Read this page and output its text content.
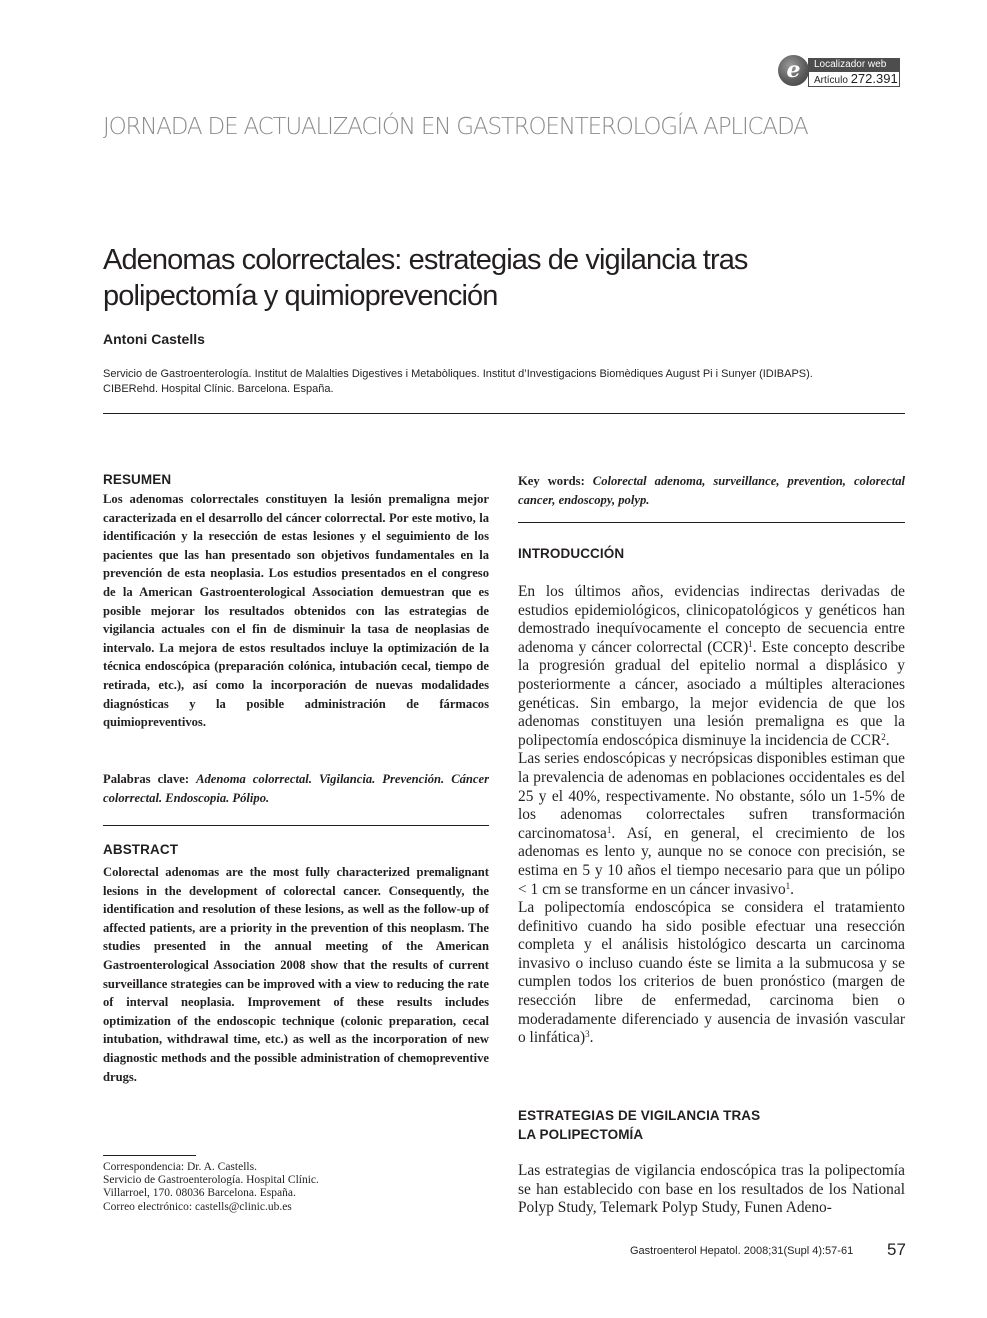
e	Localizador web
Artículo 272.391
JORNADA DE ACTUALIZACIÓN EN GASTROENTEROLOGÍA APLICADA
Adenomas colorrectales: estrategias de vigilancia tras
polipectomía y quimioprevención
Antoni Castells
Servicio de Gastroenterología. Institut de Malalties Digestives i Metabòliques. Institut d’Investigacions Biomèdiques August Pi i Sunyer (IDIBAPS).
CIBERehd. Hospital Clínic. Barcelona. España.
RESUMEN
Los adenomas colorrectales constituyen la lesión premaligna mejor caracterizada en el desarrollo del cáncer colorrectal. Por este motivo, la identificación y la resección de estas lesiones y el seguimiento de los pacientes que las han presentado son objetivos fundamentales en la prevención de esta neoplasia. Los estudios presentados en el congreso de la American Gastroenterological Association demuestran que es posible mejorar los resultados obtenidos con las estrategias de vigilancia actuales con el fin de disminuir la tasa de neoplasias de intervalo. La mejora de estos resultados incluye la optimización de la técnica endoscópica (preparación colónica, intubación cecal, tiempo de retirada, etc.), así como la incorporación de nuevas modalidades diagnósticas y la posible administración de fármacos quimiopreventivos.
Palabras clave: Adenoma colorrectal. Vigilancia. Prevención. Cáncer colorrectal. Endoscopia. Pólipo.
ABSTRACT
Colorectal adenomas are the most fully characterized premalignant lesions in the development of colorectal cancer. Consequently, the identification and resolution of these lesions, as well as the follow-up of affected patients, are a priority in the prevention of this neoplasm. The studies presented in the annual meeting of the American Gastroenterological Association 2008 show that the results of current surveillance strategies can be improved with a view to reducing the rate of interval neoplasia. Improvement of these results includes optimization of the endoscopic technique (colonic preparation, cecal intubation, withdrawal time, etc.) as well as the incorporation of new diagnostic methods and the possible administration of chemopreventive drugs.
Correspondencia: Dr. A. Castells.
Servicio de Gastroenterología. Hospital Clínic.
Villarroel, 170. 08036 Barcelona. España.
Correo electrónico: castells@clinic.ub.es
Key words: Colorectal adenoma, surveillance, prevention, colorectal cancer, endoscopy, polyp.
INTRODUCCIÓN

En los últimos años, evidencias indirectas derivadas de estudios epidemiológicos, clinicopatológicos y genéticos han demostrado inequívocamente el concepto de secuencia entre adenoma y cáncer colorrectal (CCR)$^1$. Este concepto describe la progresión gradual del epitelio normal a displásico y posteriormente a cáncer, asociado a múltiples alteraciones genéticas. Sin embargo, la mejor evidencia de que los adenomas constituyen una lesión premaligna es que la polipectomía endoscópica disminuye la incidencia de CCR$^2$.

Las series endoscópicas y necrópsicas disponibles estiman que la prevalencia de adenomas en poblaciones occidentales es del 25 y el 40%, respectivamente. No obstante, sólo un 1-5% de los adenomas colorrectales sufren transformación carcinomatosa$^1$. Así, en general, el crecimiento de los adenomas es lento y, aunque no se conoce con precisión, se estima en 5 y 10 años el tiempo necesario para que un pólipo < 1 cm se transforme en un cáncer invasivo$^1$.

La polipectomía endoscópica se considera el tratamiento definitivo cuando ha sido posible efectuar una resección completa y el análisis histológico descarta un carcinoma invasivo o incluso cuando éste se limita a la submucosa y se cumplen todos los criterios de buen pronóstico (margen de resección libre de enfermedad, carcinoma bien o moderadamente diferenciado y ausencia de invasión vascular o linfática)$^3$.

ESTRATEGIAS DE VIGILANCIA TRAS
LA POLIPECTOMÍA
Las estrategias de vigilancia endoscópica tras la polipectomía se han establecido con base en los resultados de los National Polyp Study, Telemark Polyp Study, Funen Adeno-
Gastroenterol Hepatol. 2008;31(Supl 4):57-61 57
